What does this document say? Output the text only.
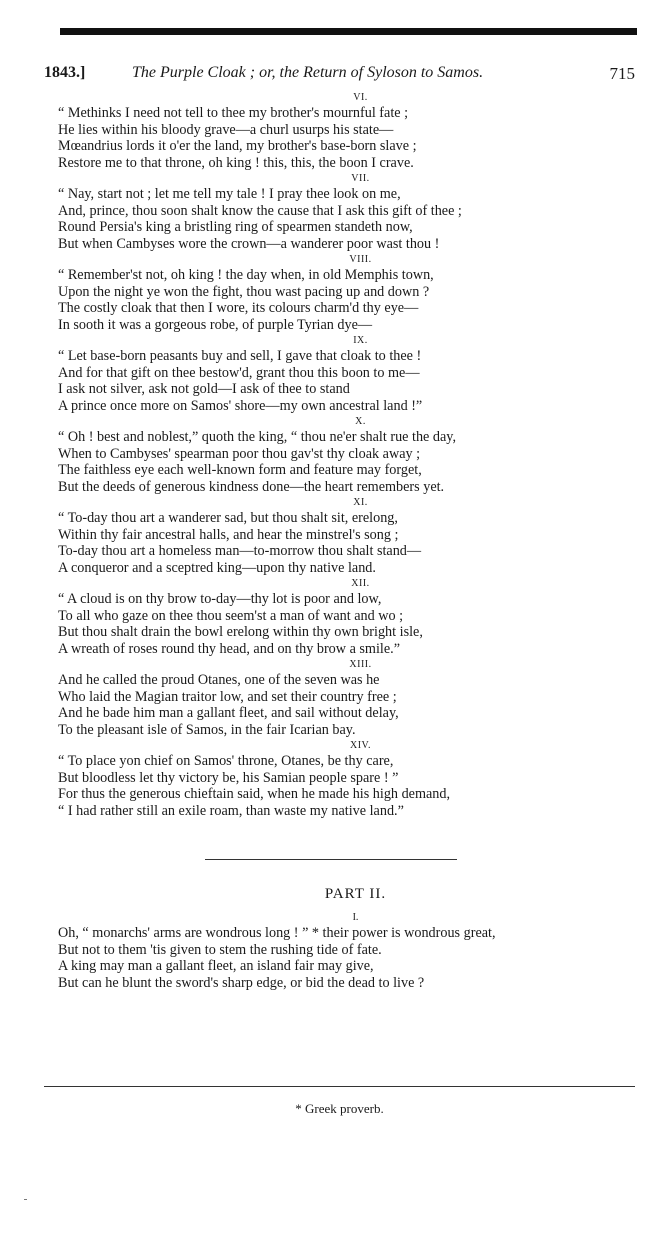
1843.]	The Purple Cloak ; or, the Return of Syloson to Samos.	715
VI.
“ Methinks I need not tell to thee my brother's mournful fate ;
He lies within his bloody grave—a churl usurps his state—
Mœandrius lords it o'er the land, my brother's base-born slave ;
Restore me to that throne, oh king ! this, this, the boon I crave.
VII.
“ Nay, start not ; let me tell my tale ! I pray thee look on me,
And, prince, thou soon shalt know the cause that I ask this gift of thee ;
Round Persia's king a bristling ring of spearmen standeth now,
But when Cambyses wore the crown—a wanderer poor wast thou !
VIII.
“ Remember'st not, oh king ! the day when, in old Memphis town,
Upon the night ye won the fight, thou wast pacing up and down ?
The costly cloak that then I wore, its colours charm'd thy eye—
In sooth it was a gorgeous robe, of purple Tyrian dye—
IX.
“ Let base-born peasants buy and sell, I gave that cloak to thee !
And for that gift on thee bestow'd, grant thou this boon to me—
I ask not silver, ask not gold—I ask of thee to stand
A prince once more on Samos' shore—my own ancestral land !”
X.
“ Oh ! best and noblest,” quoth the king, “ thou ne'er shalt rue the day,
When to Cambyses' spearman poor thou gav'st thy cloak away ;
The faithless eye each well-known form and feature may forget,
But the deeds of generous kindness done—the heart remembers yet.
XI.
“ To-day thou art a wanderer sad, but thou shalt sit, erelong,
Within thy fair ancestral halls, and hear the minstrel's song ;
To-day thou art a homeless man—to-morrow thou shalt stand—
A conqueror and a sceptred king—upon thy native land.
XII.
“ A cloud is on thy brow to-day—thy lot is poor and low,
To all who gaze on thee thou seem'st a man of want and wo ;
But thou shalt drain the bowl erelong within thy own bright isle,
A wreath of roses round thy head, and on thy brow a smile.”
XIII.
And he called the proud Otanes, one of the seven was he
Who laid the Magian traitor low, and set their country free ;
And he bade him man a gallant fleet, and sail without delay,
To the pleasant isle of Samos, in the fair Icarian bay.
XIV.
“ To place yon chief on Samos' throne, Otanes, be thy care,
But bloodless let thy victory be, his Samian people spare ! ”
For thus the generous chieftain said, when he made his high demand,
“ I had rather still an exile roam, than waste my native land.”
PART II.
I.
Oh, “ monarchs' arms are wondrous long ! ” * their power is wondrous great,
But not to them 'tis given to stem the rushing tide of fate.
A king may man a gallant fleet, an island fair may give,
But can he blunt the sword's sharp edge, or bid the dead to live ?
* Greek proverb.
